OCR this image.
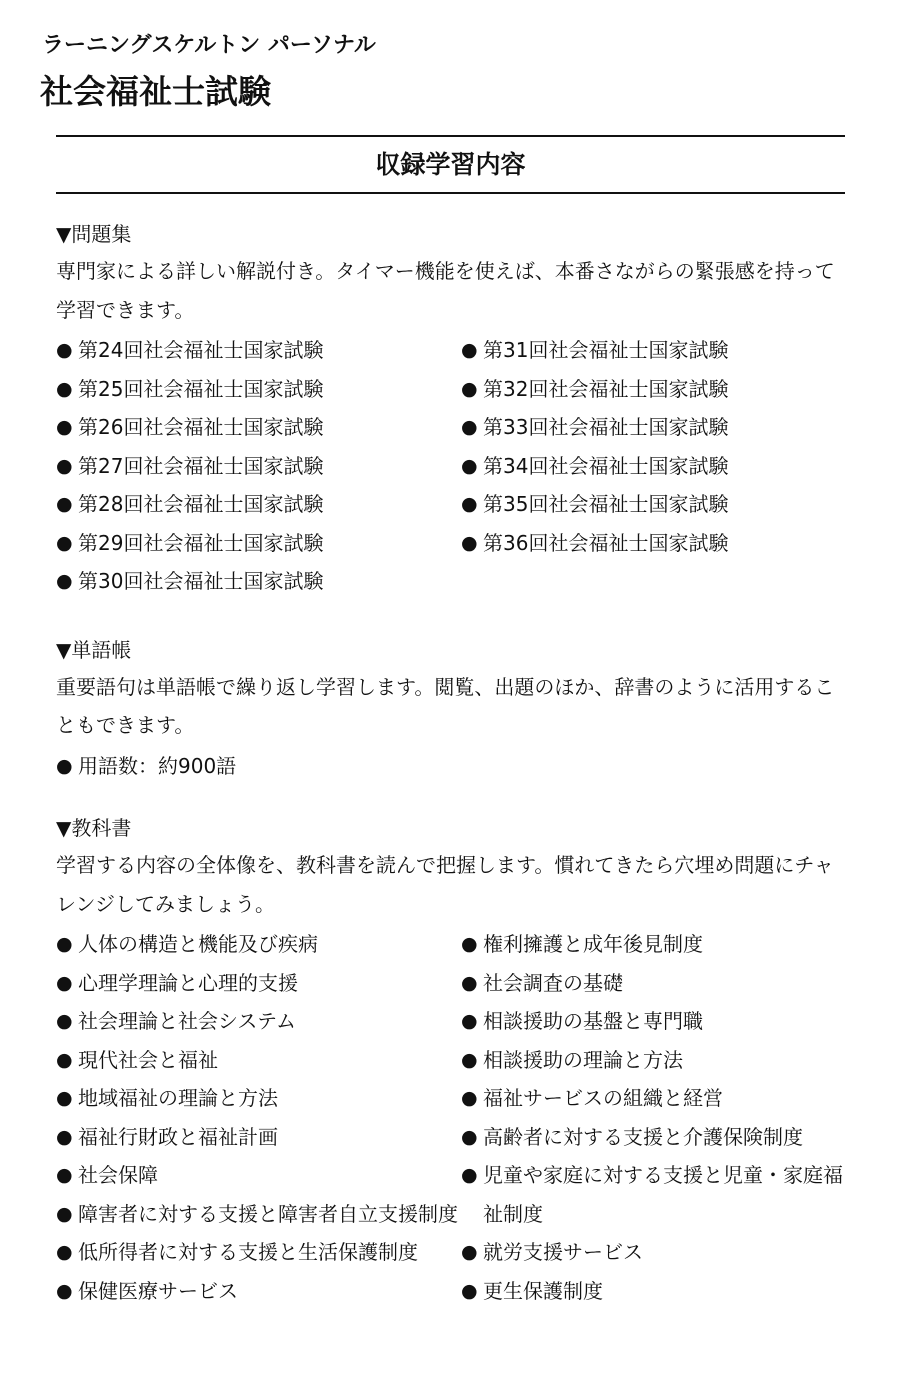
ラーニングスケルトン パーソナル
社会福祉士試験
収録学習内容
▼問題集
専門家による詳しい解説付き。タイマー機能を使えば、本番さながらの緊張感を持って学習できます。
● 第24回社会福祉士国家試験
● 第25回社会福祉士国家試験
● 第26回社会福祉士国家試験
● 第27回社会福祉士国家試験
● 第28回社会福祉士国家試験
● 第29回社会福祉士国家試験
● 第30回社会福祉士国家試験
● 第31回社会福祉士国家試験
● 第32回社会福祉士国家試験
● 第33回社会福祉士国家試験
● 第34回社会福祉士国家試験
● 第35回社会福祉士国家試験
● 第36回社会福祉士国家試験
▼単語帳
重要語句は単語帳で繰り返し学習します。閲覧、出題のほか、辞書のように活用することもできます。
● 用語数：約900語
▼教科書
学習する内容の全体像を、教科書を読んで把握します。慣れてきたら穴埋め問題にチャレンジしてみましょう。
● 人体の構造と機能及び疾病
● 心理学理論と心理的支援
● 社会理論と社会システム
● 現代社会と福祉
● 地域福祉の理論と方法
● 福祉行財政と福祉計画
● 社会保障
● 障害者に対する支援と障害者自立支援制度
● 低所得者に対する支援と生活保護制度
● 保健医療サービス
● 権利擁護と成年後見制度
● 社会調査の基礎
● 相談援助の基盤と専門職
● 相談援助の理論と方法
● 福祉サービスの組織と経営
● 高齢者に対する支援と介護保険制度
● 児童や家庭に対する支援と児童・家庭福祉制度
● 就労支援サービス
● 更生保護制度
